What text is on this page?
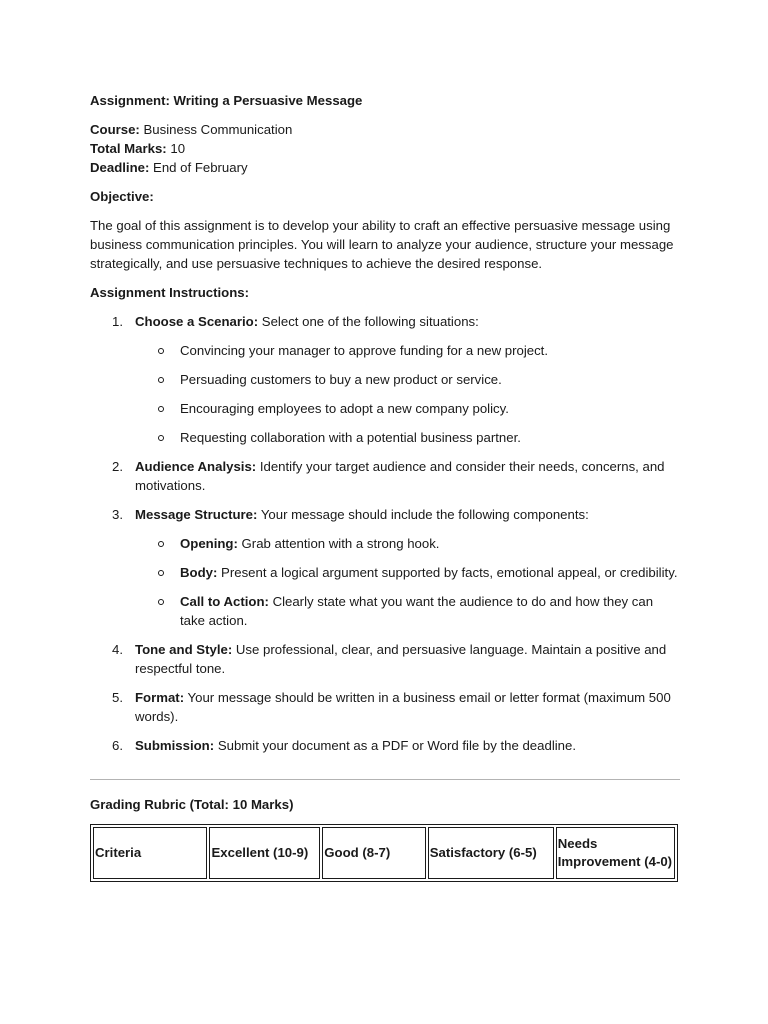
Assignment: Writing a Persuasive Message

Course: Business Communication

Total Marks: 10

Deadline: End of February

Objective:

The goal of this assignment is to develop your ability to craft an effective persuasive message using business communication principles. You will learn to analyze your audience, structure your message strategically, and use persuasive techniques to achieve the desired response.

Assignment Instructions:

1. Choose a Scenario: Select one of the following situations:
Convincing your manager to approve funding for a new project.
Persuading customers to buy a new product or service.
Encouraging employees to adopt a new company policy.
Requesting collaboration with a potential business partner.
2. Audience Analysis: Identify your target audience and consider their needs, concerns, and motivations.
3. Message Structure: Your message should include the following components:
Opening: Grab attention with a strong hook.
Body: Present a logical argument supported by facts, emotional appeal, or credibility.
Call to Action: Clearly state what you want the audience to do and how they can take action.
4. Tone and Style: Use professional, clear, and persuasive language. Maintain a positive and respectful tone.
5. Format: Your message should be written in a business email or letter format (maximum 500 words).
6. Submission: Submit your document as a PDF or Word file by the deadline.

Grading Rubric (Total: 10 Marks)

Criteria	Excellent (10-9)	Good (8-7)	Satisfactory (6-5)	Needs Improvement (4-0)
